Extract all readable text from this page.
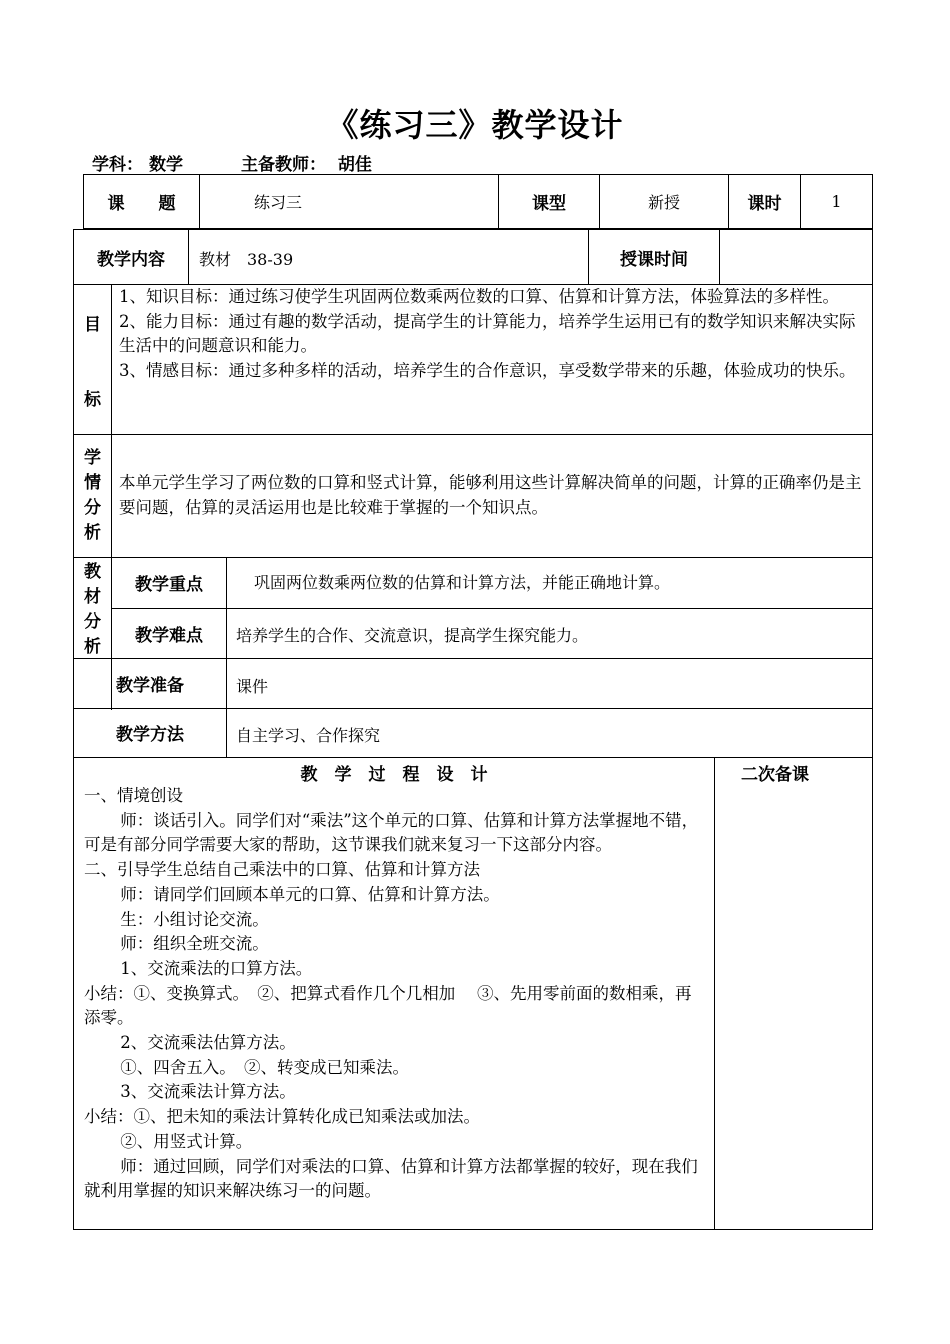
《练习三》教学设计
学科： 数学	主备教师： 胡佳
课　　题	练习三	课型	新授	课时	1
教学内容	教材　38-39	授课时间
目
标
1、知识目标：通过练习使学生巩固两位数乘两位数的口算、估算和计算方法，体验算法的多样性。
2、能力目标：通过有趣的数学活动，提高学生的计算能力，培养学生运用已有的数学知识来解决实际生活中的问题意识和能力。
3、情感目标：通过多种多样的活动，培养学生的合作意识，享受数学带来的乐趣，体验成功的快乐。
学
情
分
析
本单元学生学习了两位数的口算和竖式计算，能够利用这些计算解决简单的问题，计算的正确率仍是主要问题，估算的灵活运用也是比较难于掌握的一个知识点。
教
材
分
析
教学重点	巩固两位数乘两位数的估算和计算方法，并能正确地计算。
教学难点	培养学生的合作、交流意识，提高学生探究能力。
教学准备	课件
教学方法	自主学习、合作探究
教　学　过　程　设　计	二次备课

一、情境创设

师：谈话引入。同学们对“乘法”这个单元的口算、估算和计算方法掌握地不错，可是有部分同学需要大家的帮助，这节课我们就来复习一下这部分内容。

二、引导学生总结自己乘法中的口算、估算和计算方法

师：请同学们回顾本单元的口算、估算和计算方法。

生：小组讨论交流。

师：组织全班交流。

1、交流乘法的口算方法。

小结：①、变换算式。　②、把算式看作几个几相加　 ③、先用零前面的数相乘，再添零。

2、交流乘法估算方法。

①、四舍五入。　②、转变成已知乘法。

3、交流乘法计算方法。

小结：①、把未知的乘法计算转化成已知乘法或加法。

②、用竖式计算。

师：通过回顾，同学们对乘法的口算、估算和计算方法都掌握的较好，现在我们就利用掌握的知识来解决练习一的问题。
